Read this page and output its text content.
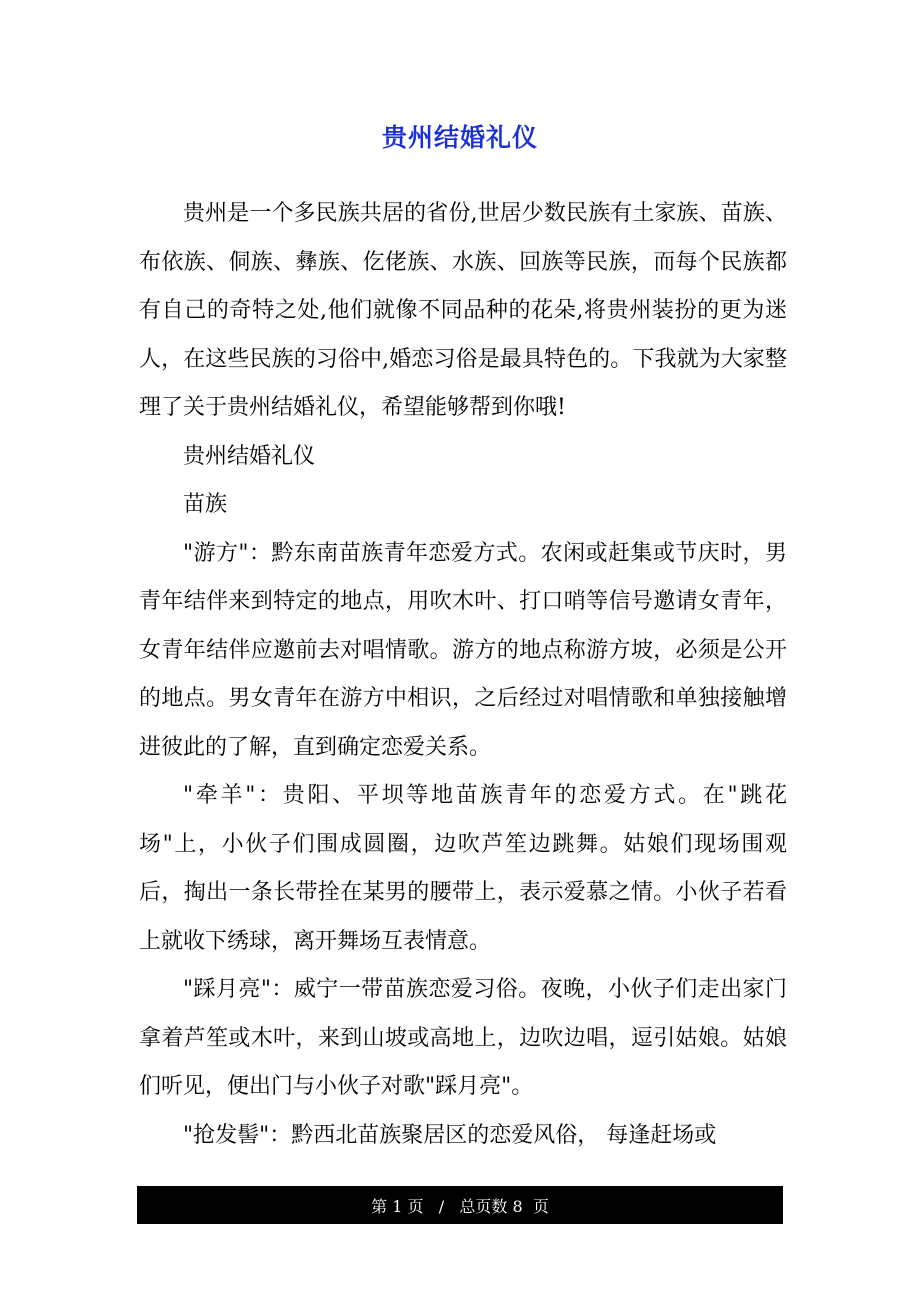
贵州结婚礼仪

贵州是一个多民族共居的省份,世居少数民族有土家族、苗族、布依族、侗族、彝族、仡佬族、水族、回族等民族，而每个民族都有自己的奇特之处,他们就像不同品种的花朵,将贵州装扮的更为迷人，在这些民族的习俗中,婚恋习俗是最具特色的。下我就为大家整理了关于贵州结婚礼仪，希望能够帮到你哦!

贵州结婚礼仪

苗族

"游方"：黔东南苗族青年恋爱方式。农闲或赶集或节庆时，男青年结伴来到特定的地点，用吹木叶、打口哨等信号邀请女青年，女青年结伴应邀前去对唱情歌。游方的地点称游方坡，必须是公开的地点。男女青年在游方中相识，之后经过对唱情歌和单独接触增进彼此的了解，直到确定恋爱关系。

"牵羊"：贵阳、平坝等地苗族青年的恋爱方式。在"跳花场"上，小伙子们围成圆圈，边吹芦笙边跳舞。姑娘们现场围观后，掏出一条长带拴在某男的腰带上，表示爱慕之情。小伙子若看上就收下绣球，离开舞场互表情意。

"踩月亮"：威宁一带苗族恋爱习俗。夜晚，小伙子们走出家门拿着芦笙或木叶，来到山坡或高地上，边吹边唱，逗引姑娘。姑娘们听见，便出门与小伙子对歌"踩月亮"。

"抢发髻"：黔西北苗族聚居区的恋爱风俗， 每逢赶场或

第 1 页   /   总页数 8  页
